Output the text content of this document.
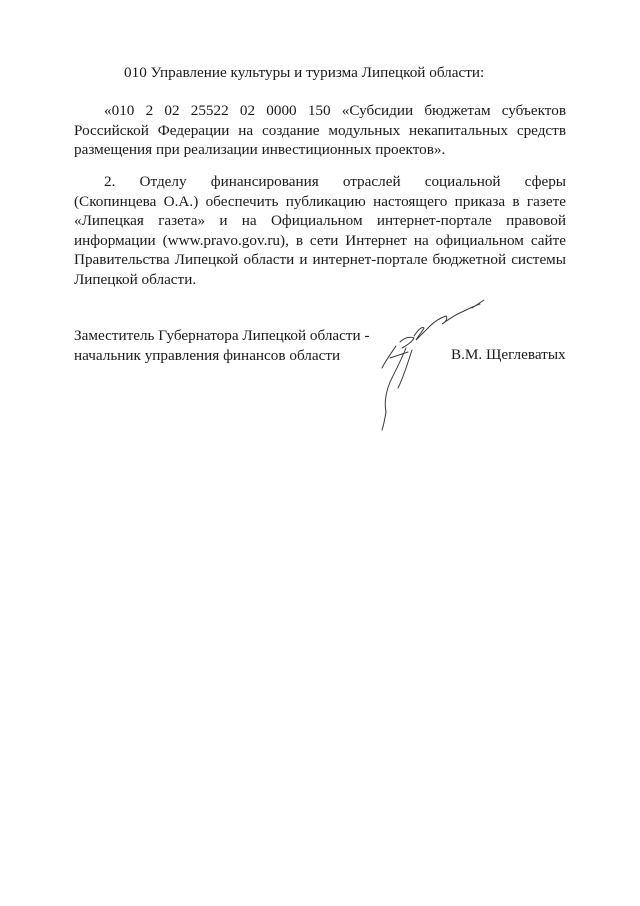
010 Управление культуры и туризма Липецкой области:

«010 2 02 25522 02 0000 150 «Субсидии бюджетам субъектов
Российской Федерации на создание модульных некапитальных средств
размещения при реализации инвестиционных проектов».

2. Отделу финансирования отраслей социальной сферы
(Скопинцева О.А.) обеспечить публикацию настоящего приказа в газете
«Липецкая газета» и на Официальном интернет-портале правовой
информации (www.pravo.gov.ru), в сети Интернет на официальном сайте
Правительства Липецкой области и интернет-портале бюджетной системы
Липецкой области.

Заместитель Губернатора Липецкой области -
начальник управления финансов области	В.М. Щеглеватых
